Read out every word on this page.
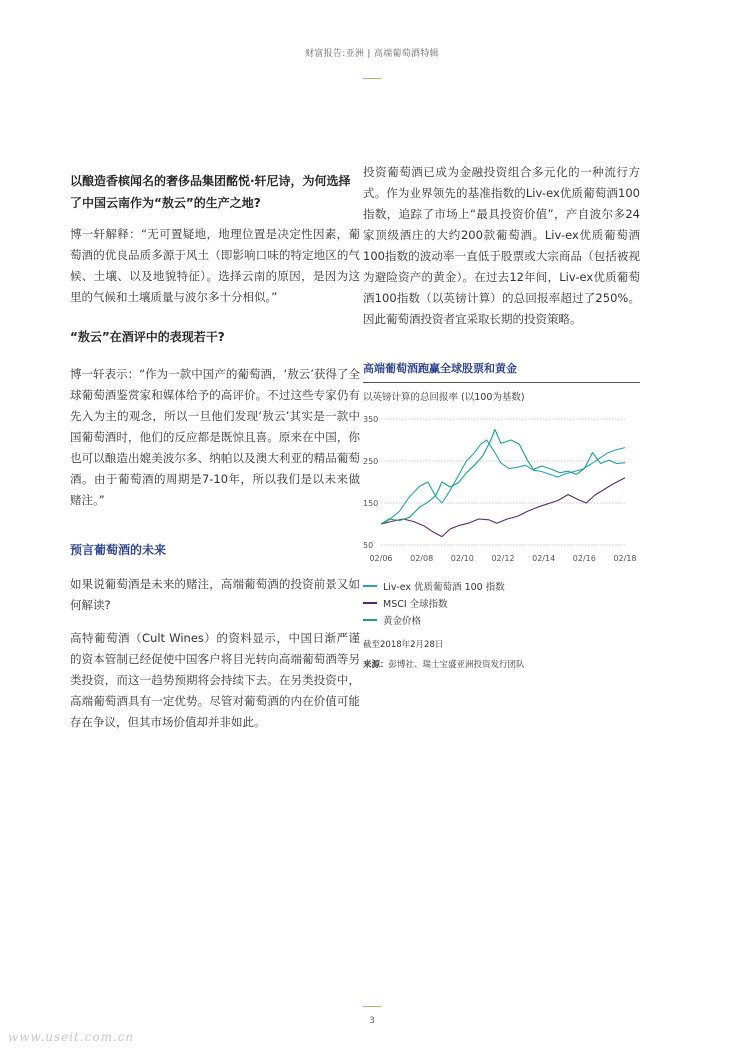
财富报告:亚洲 | 高端葡萄酒特辑

以酿造香槟闻名的奢侈品集团酩悦·轩尼诗，为何选择了中国云南作为“敖云”的生产之地?

博一轩解释：“无可置疑地，地理位置是决定性因素，葡萄酒的优良品质多源于风土（即影响口味的特定地区的气候、土壤、以及地貌特征）。选择云南的原因，是因为这里的气候和土壤质量与波尔多十分相似。”

“敖云”在酒评中的表现若干?

博一轩表示：“作为一款中国产的葡萄酒，‘敖云’获得了全球葡萄酒鉴赏家和媒体给予的高评价。不过这些专家仍有先入为主的观念，所以一旦他们发现‘敖云’其实是一款中国葡萄酒时，他们的反应都是既惊且喜。原来在中国，你也可以酿造出媲美波尔多、纳帕以及澳大利亚的精品葡萄酒。由于葡萄酒的周期是7-10年，所以我们是以未来做赌注。”

预言葡萄酒的未来

如果说葡萄酒是未来的赌注，高端葡萄酒的投资前景又如何解读?

高特葡萄酒（Cult Wines）的资料显示，中国日渐严谨的资本管制已经促使中国客户将目光转向高端葡萄酒等另类投资，而这一趋势预期将会持续下去。在另类投资中，高端葡萄酒具有一定优势。尽管对葡萄酒的内在价值可能存在争议，但其市场价值却并非如此。

投资葡萄酒已成为金融投资组合多元化的一种流行方式。作为业界领先的基准指数的Liv-ex优质葡萄酒100指数，追踪了市场上“最具投资价值”，产自波尔多24家顶级酒庄的大约200款葡萄酒。Liv-ex优质葡萄酒100指数的波动率一直低于股票或大宗商品（包括被视为避险资产的黄金）。在过去12年间，Liv-ex优质葡萄酒100指数（以英镑计算）的总回报率超过了250%。因此葡萄酒投资者宜采取长期的投资策略。

高端葡萄酒跑赢全球股票和黄金
以英镑计算的总回报率 (以100为基数)
350
250
150
50
02/06 02/08 02/10 02/12 02/14 02/16 02/18
Liv-ex 优质葡萄酒 100 指数
MSCI 全球指数
黄金价格
截至2018年2月28日
来源：彭博社、瑞士宝盛亚洲投资发行团队
3
www.useit.com.cn
